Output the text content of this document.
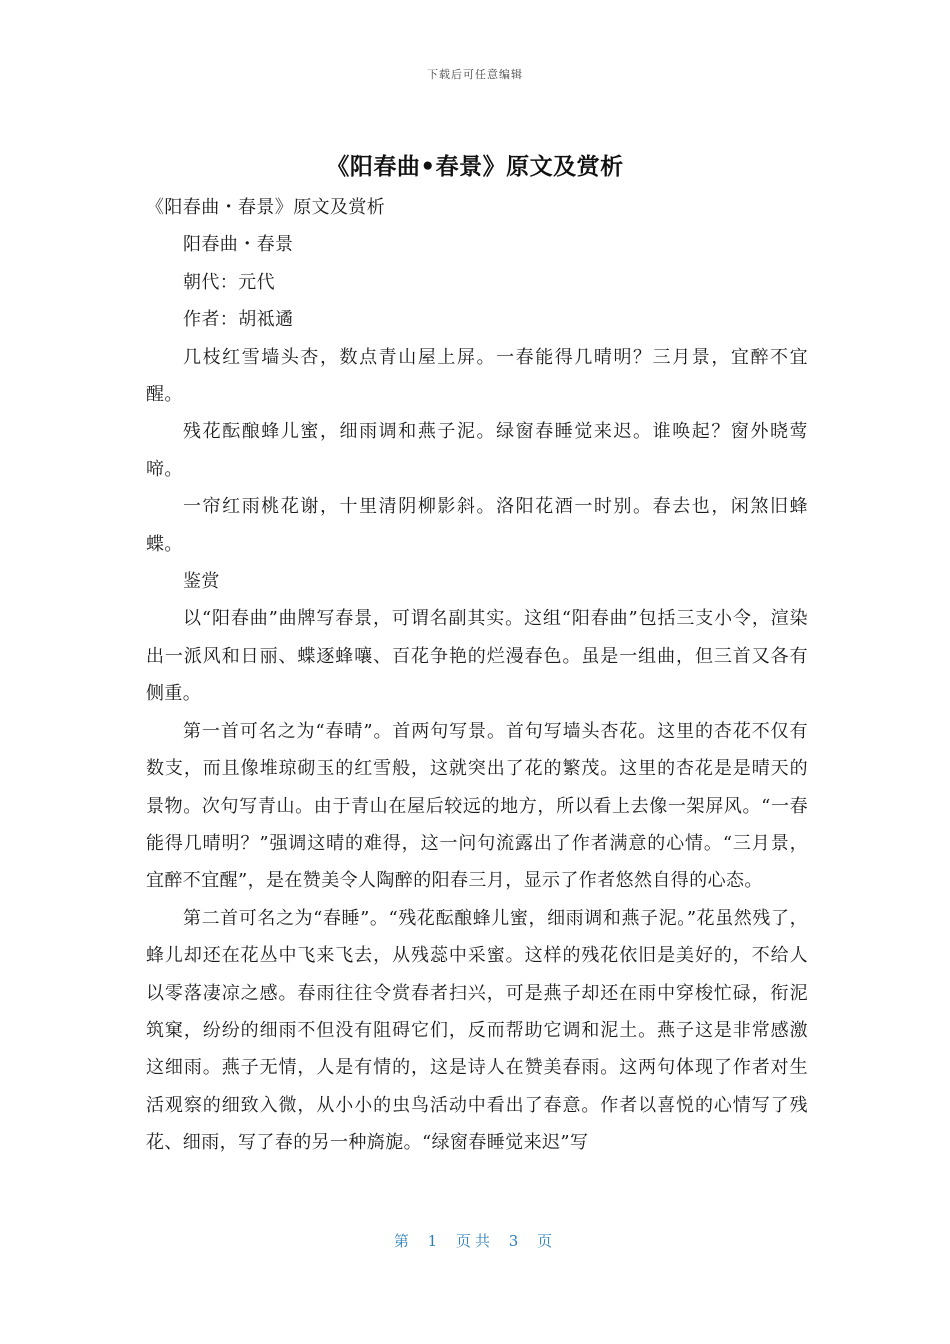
下载后可任意编辑
《阳春曲•春景》原文及赏析

《阳春曲・春景》原文及赏析

阳春曲・春景

朝代：元代

作者：胡祗遹

几枝红雪墙头杏，数点青山屋上屏。一春能得几晴明？三月景，宜醉不宜醒。

残花酝酿蜂儿蜜，细雨调和燕子泥。绿窗春睡觉来迟。谁唤起？窗外晓莺啼。

一帘红雨桃花谢，十里清阴柳影斜。洛阳花酒一时别。春去也，闲煞旧蜂蝶。

鉴赏

以“阳春曲”曲牌写春景，可谓名副其实。这组“阳春曲”包括三支小令，渲染出一派风和日丽、蝶逐蜂嚷、百花争艳的烂漫春色。虽是一组曲，但三首又各有侧重。

第一首可名之为“春晴”。首两句写景。首句写墙头杏花。这里的杏花不仅有数支，而且像堆琼砌玉的红雪般，这就突出了花的繁茂。这里的杏花是是晴天的景物。次句写青山。由于青山在屋后较远的地方，所以看上去像一架屏风。“一春能得几晴明？”强调这晴的难得，这一问句流露出了作者满意的心情。“三月景，宜醉不宜醒”，是在赞美令人陶醉的阳春三月，显示了作者悠然自得的心态。

第二首可名之为“春睡”。“残花酝酿蜂儿蜜，细雨调和燕子泥。”花虽然残了，蜂儿却还在花丛中飞来飞去，从残蕊中采蜜。这样的残花依旧是美好的，不给人以零落凄凉之感。春雨往往令赏春者扫兴，可是燕子却还在雨中穿梭忙碌，衔泥筑窠，纷纷的细雨不但没有阻碍它们，反而帮助它调和泥土。燕子这是非常感激这细雨。燕子无情，人是有情的，这是诗人在赞美春雨。这两句体现了作者对生活观察的细致入微，从小小的虫鸟活动中看出了春意。作者以喜悦的心情写了残花、细雨，写了春的另一种旖旎。“绿窗春睡觉来迟”写

第 1 页共 3 页
